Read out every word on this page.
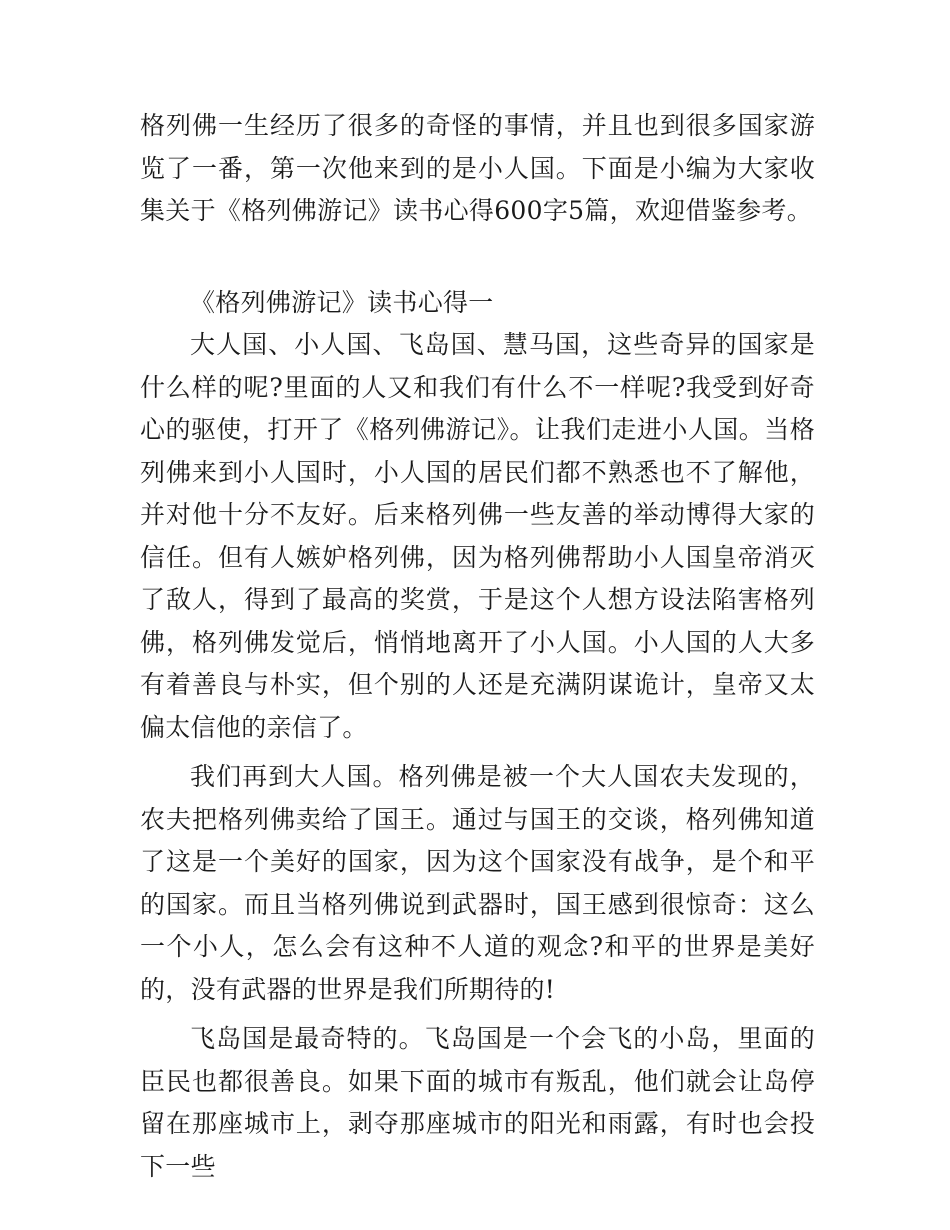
格列佛一生经历了很多的奇怪的事情，并且也到很多国家游览了一番，第一次他来到的是小人国。下面是小编为大家收集关于《格列佛游记》读书心得600字5篇，欢迎借鉴参考。

《格列佛游记》读书心得一

大人国、小人国、飞岛国、慧马国，这些奇异的国家是什么样的呢?里面的人又和我们有什么不一样呢?我受到好奇心的驱使，打开了《格列佛游记》。让我们走进小人国。当格列佛来到小人国时，小人国的居民们都不熟悉也不了解他，并对他十分不友好。后来格列佛一些友善的举动博得大家的信任。但有人嫉妒格列佛，因为格列佛帮助小人国皇帝消灭了敌人，得到了最高的奖赏，于是这个人想方设法陷害格列佛，格列佛发觉后，悄悄地离开了小人国。小人国的人大多有着善良与朴实，但个别的人还是充满阴谋诡计，皇帝又太偏太信他的亲信了。

我们再到大人国。格列佛是被一个大人国农夫发现的，农夫把格列佛卖给了国王。通过与国王的交谈，格列佛知道了这是一个美好的国家，因为这个国家没有战争，是个和平的国家。而且当格列佛说到武器时，国王感到很惊奇：这么一个小人，怎么会有这种不人道的观念?和平的世界是美好的，没有武器的世界是我们所期待的!

飞岛国是最奇特的。飞岛国是一个会飞的小岛，里面的臣民也都很善良。如果下面的城市有叛乱，他们就会让岛停留在那座城市上，剥夺那座城市的阳光和雨露，有时也会投下一些
